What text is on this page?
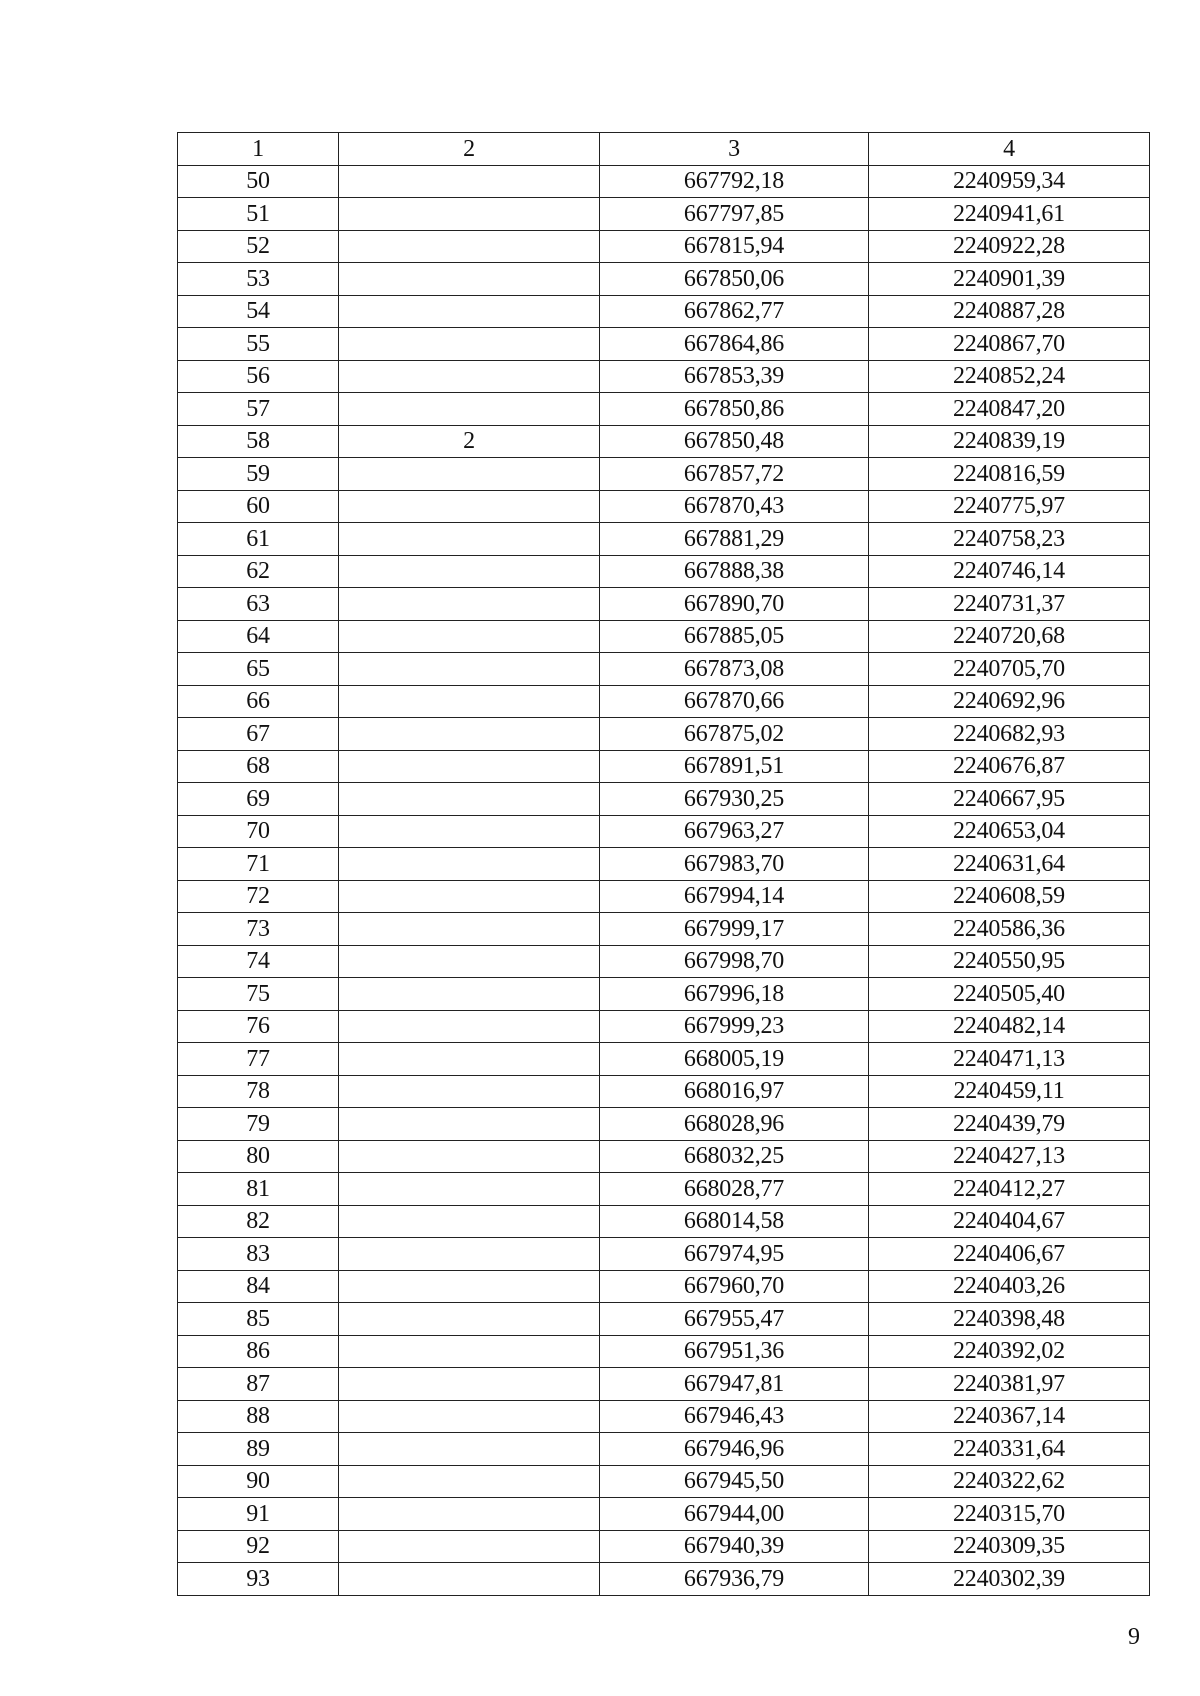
1	2	3	4
50		667792,18	2240959,34
51		667797,85	2240941,61
52		667815,94	2240922,28
53		667850,06	2240901,39
54		667862,77	2240887,28
55		667864,86	2240867,70
56		667853,39	2240852,24
57		667850,86	2240847,20
58	2	667850,48	2240839,19
59		667857,72	2240816,59
60		667870,43	2240775,97
61		667881,29	2240758,23
62		667888,38	2240746,14
63		667890,70	2240731,37
64		667885,05	2240720,68
65		667873,08	2240705,70
66		667870,66	2240692,96
67		667875,02	2240682,93
68		667891,51	2240676,87
69		667930,25	2240667,95
70		667963,27	2240653,04
71		667983,70	2240631,64
72		667994,14	2240608,59
73		667999,17	2240586,36
74		667998,70	2240550,95
75		667996,18	2240505,40
76		667999,23	2240482,14
77		668005,19	2240471,13
78		668016,97	2240459,11
79		668028,96	2240439,79
80		668032,25	2240427,13
81		668028,77	2240412,27
82		668014,58	2240404,67
83		667974,95	2240406,67
84		667960,70	2240403,26
85		667955,47	2240398,48
86		667951,36	2240392,02
87		667947,81	2240381,97
88		667946,43	2240367,14
89		667946,96	2240331,64
90		667945,50	2240322,62
91		667944,00	2240315,70
92		667940,39	2240309,35
93		667936,79	2240302,39
9
